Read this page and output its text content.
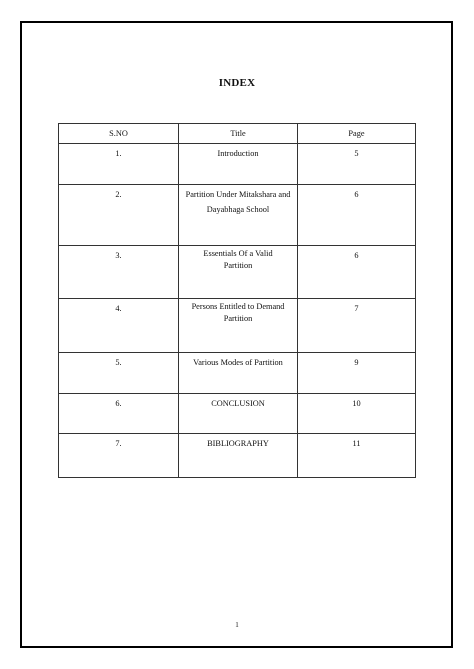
INDEX
S.NO	Title	Page
1.	Introduction	5
2.	Partition Under Mitakshara and Dayabhaga School	6
3.	Essentials Of a Valid Partition	6
4.	Persons Entitled to Demand Partition	7
5.	Various Modes of Partition	9
6.	CONCLUSION	10
7.	BIBLIOGRAPHY	11
1
